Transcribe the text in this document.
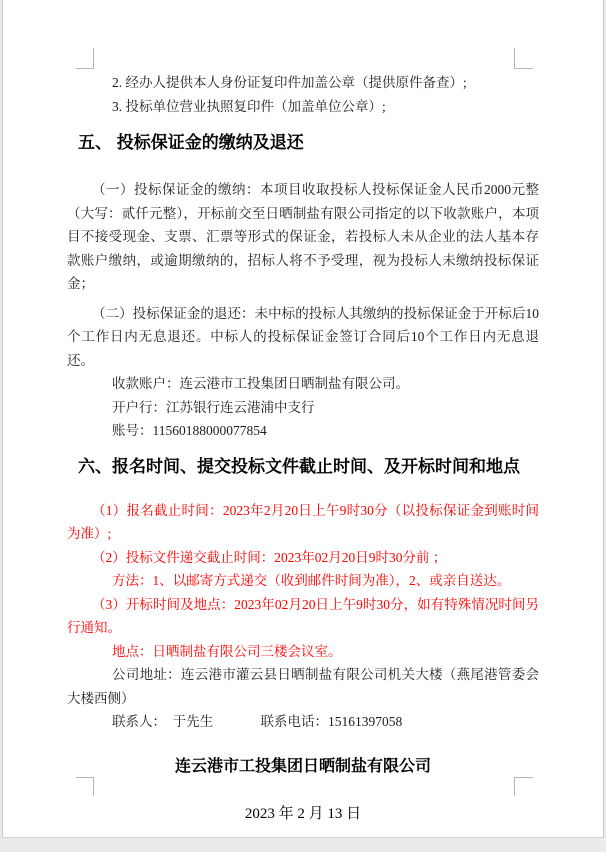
2. 经办人提供本人身份证复印件加盖公章（提供原件备查）;

3. 投标单位营业执照复印件（加盖单位公章）;

五、 投标保证金的缴纳及退还

（一）投标保证金的缴纳：本项目收取投标人投标保证金人民币2000元整（大写：贰仟元整），开标前交至日晒制盐有限公司指定的以下收款账户，本项目不接受现金、支票、汇票等形式的保证金，若投标人未从企业的法人基本存款账户缴纳，或逾期缴纳的，招标人将不予受理，视为投标人未缴纳投标保证金；

（二）投标保证金的退还：未中标的投标人其缴纳的投标保证金于开标后10个工作日内无息退还。中标人的投标保证金签订合同后10个工作日内无息退还。

收款账户：连云港市工投集团日晒制盐有限公司。

开户行：江苏银行连云港浦中支行

账号：11560188000077854

六、报名时间、提交投标文件截止时间、及开标时间和地点

（1）报名截止时间：2023年2月20日上午9时30分（以投标保证金到账时间为准）;

（2）投标文件递交截止时间：2023年02月20日9时30分前 ；

方法：1、以邮寄方式递交（收到邮件时间为准），2、或亲自送达。

（3）开标时间及地点：2023年02月20日上午9时30分，如有特殊情况时间另行通知。

地点：日晒制盐有限公司三楼会议室。

公司地址：连云港市灌云县日晒制盐有限公司机关大楼（燕尾港管委会大楼西侧）

联系人：  于先生              联系电话：15161397058

连云港市工投集团日晒制盐有限公司

2023 年 2 月 13 日
